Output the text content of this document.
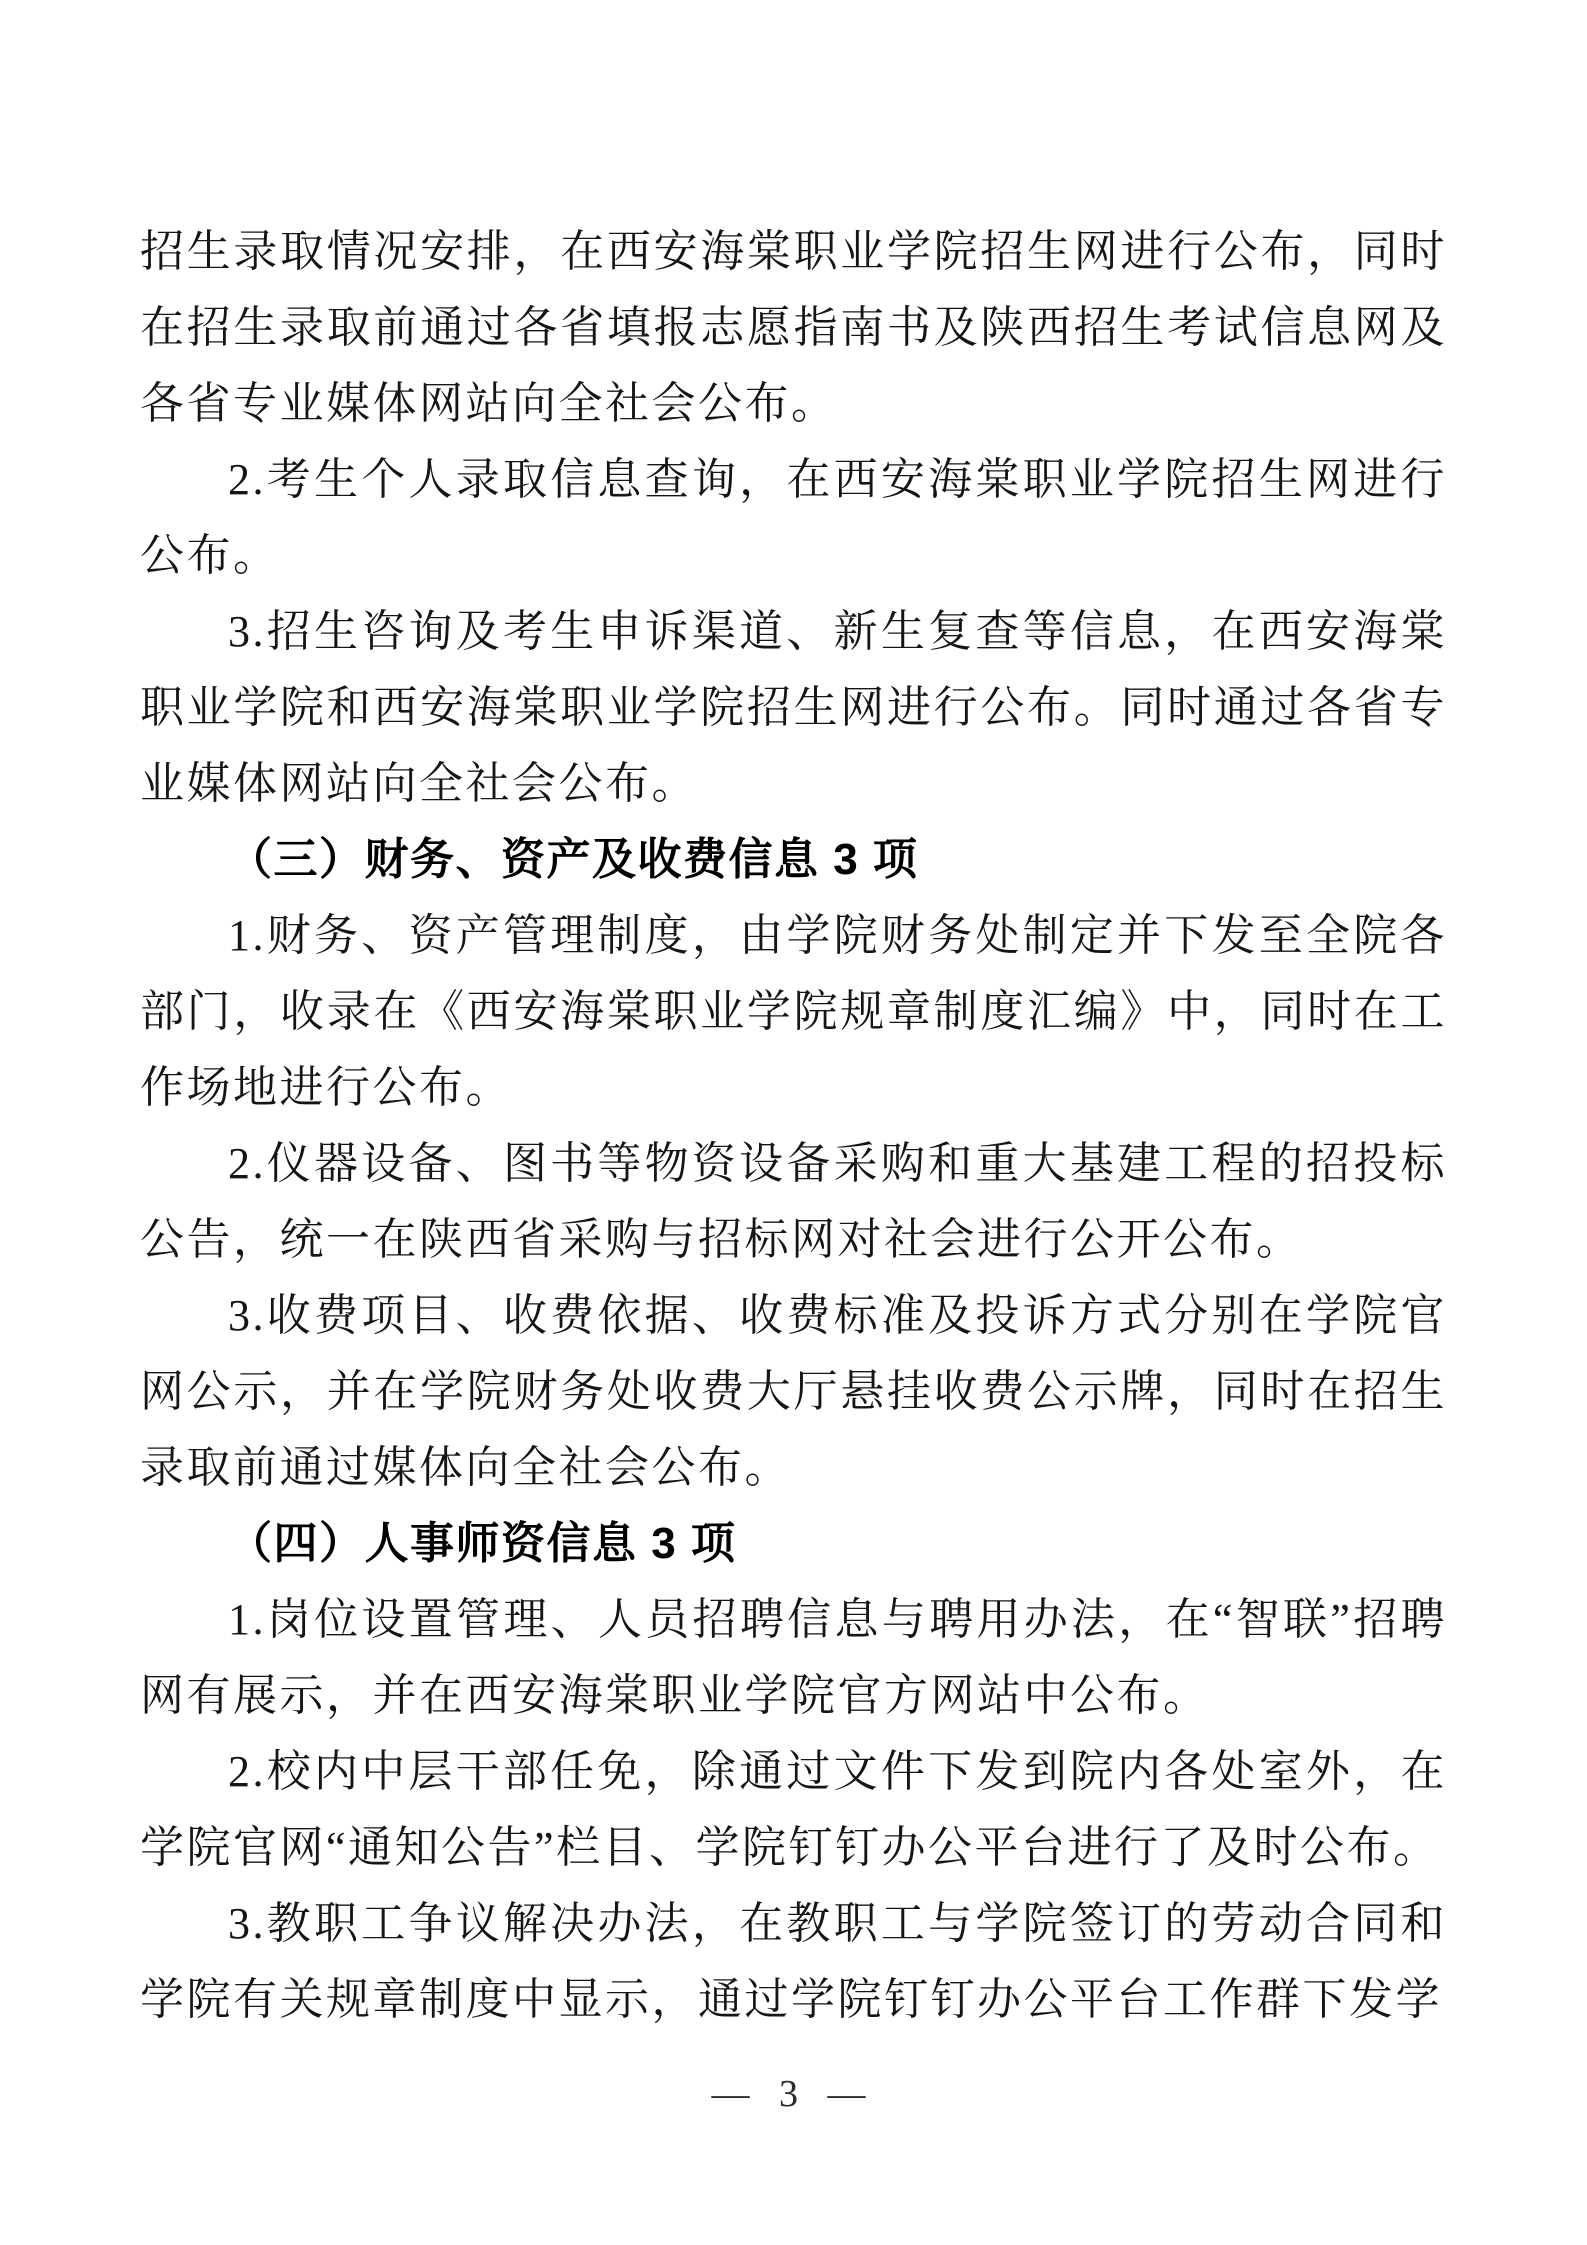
招生录取情况安排，在西安海棠职业学院招生网进行公布，同时在招生录取前通过各省填报志愿指南书及陕西招生考试信息网及各省专业媒体网站向全社会公布。

2.考生个人录取信息查询，在西安海棠职业学院招生网进行公布。

3.招生咨询及考生申诉渠道、新生复查等信息，在西安海棠职业学院和西安海棠职业学院招生网进行公布。同时通过各省专业媒体网站向全社会公布。

（三）财务、资产及收费信息 3 项

1.财务、资产管理制度，由学院财务处制定并下发至全院各部门，收录在《西安海棠职业学院规章制度汇编》中，同时在工作场地进行公布。

2.仪器设备、图书等物资设备采购和重大基建工程的招投标公告，统一在陕西省采购与招标网对社会进行公开公布。

3.收费项目、收费依据、收费标准及投诉方式分别在学院官网公示，并在学院财务处收费大厅悬挂收费公示牌，同时在招生录取前通过媒体向全社会公布。

（四）人事师资信息 3 项

1.岗位设置管理、人员招聘信息与聘用办法，在“智联”招聘网有展示，并在西安海棠职业学院官方网站中公布。

2.校内中层干部任免，除通过文件下发到院内各处室外，在学院官网“通知公告”栏目、学院钉钉办公平台进行了及时公布。

3.教职工争议解决办法，在教职工与学院签订的劳动合同和学院有关规章制度中显示，通过学院钉钉办公平台工作群下发学

— 3 —
